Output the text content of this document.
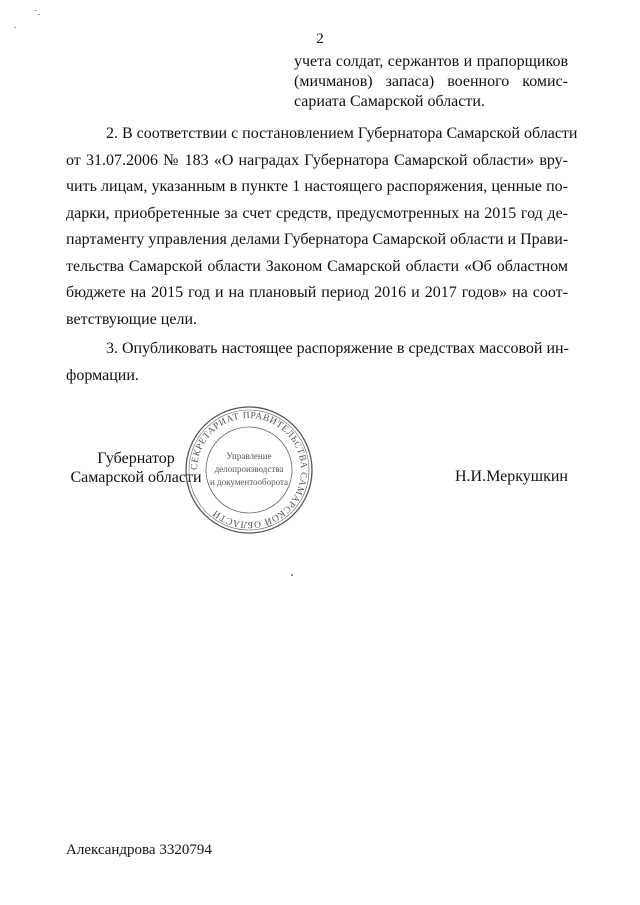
2
учета солдат, сержантов и прапорщиков
(мичманов) запаса) военного комис-
сариата Самарской области.
2. В соответствии с постановлением Губернатора Самарской области
от 31.07.2006 № 183 «О наградах Губернатора Самарской области» вру-
чить лицам, указанным в пункте 1 настоящего распоряжения, ценные по-
дарки, приобретенные за счет средств, предусмотренных на 2015 год де-
партаменту управления делами Губернатора Самарской области и Прави-
тельства Самарской области Законом Самарской области «Об областном
бюджете на 2015 год и на плановый период 2016 и 2017 годов» на соот-
ветствующие цели.
3. Опубликовать настоящее распоряжение в средствах массовой ин-
формации.
Губернатор
Самарской области
СЕКРЕТАРИАТ ПРАВИТЕЛЬСТВА САМАРСКОЙ ОБЛАСТИ
Управление
делопроизводства
и документооборота	Н.И.Меркушкин
Александрова 3320794
